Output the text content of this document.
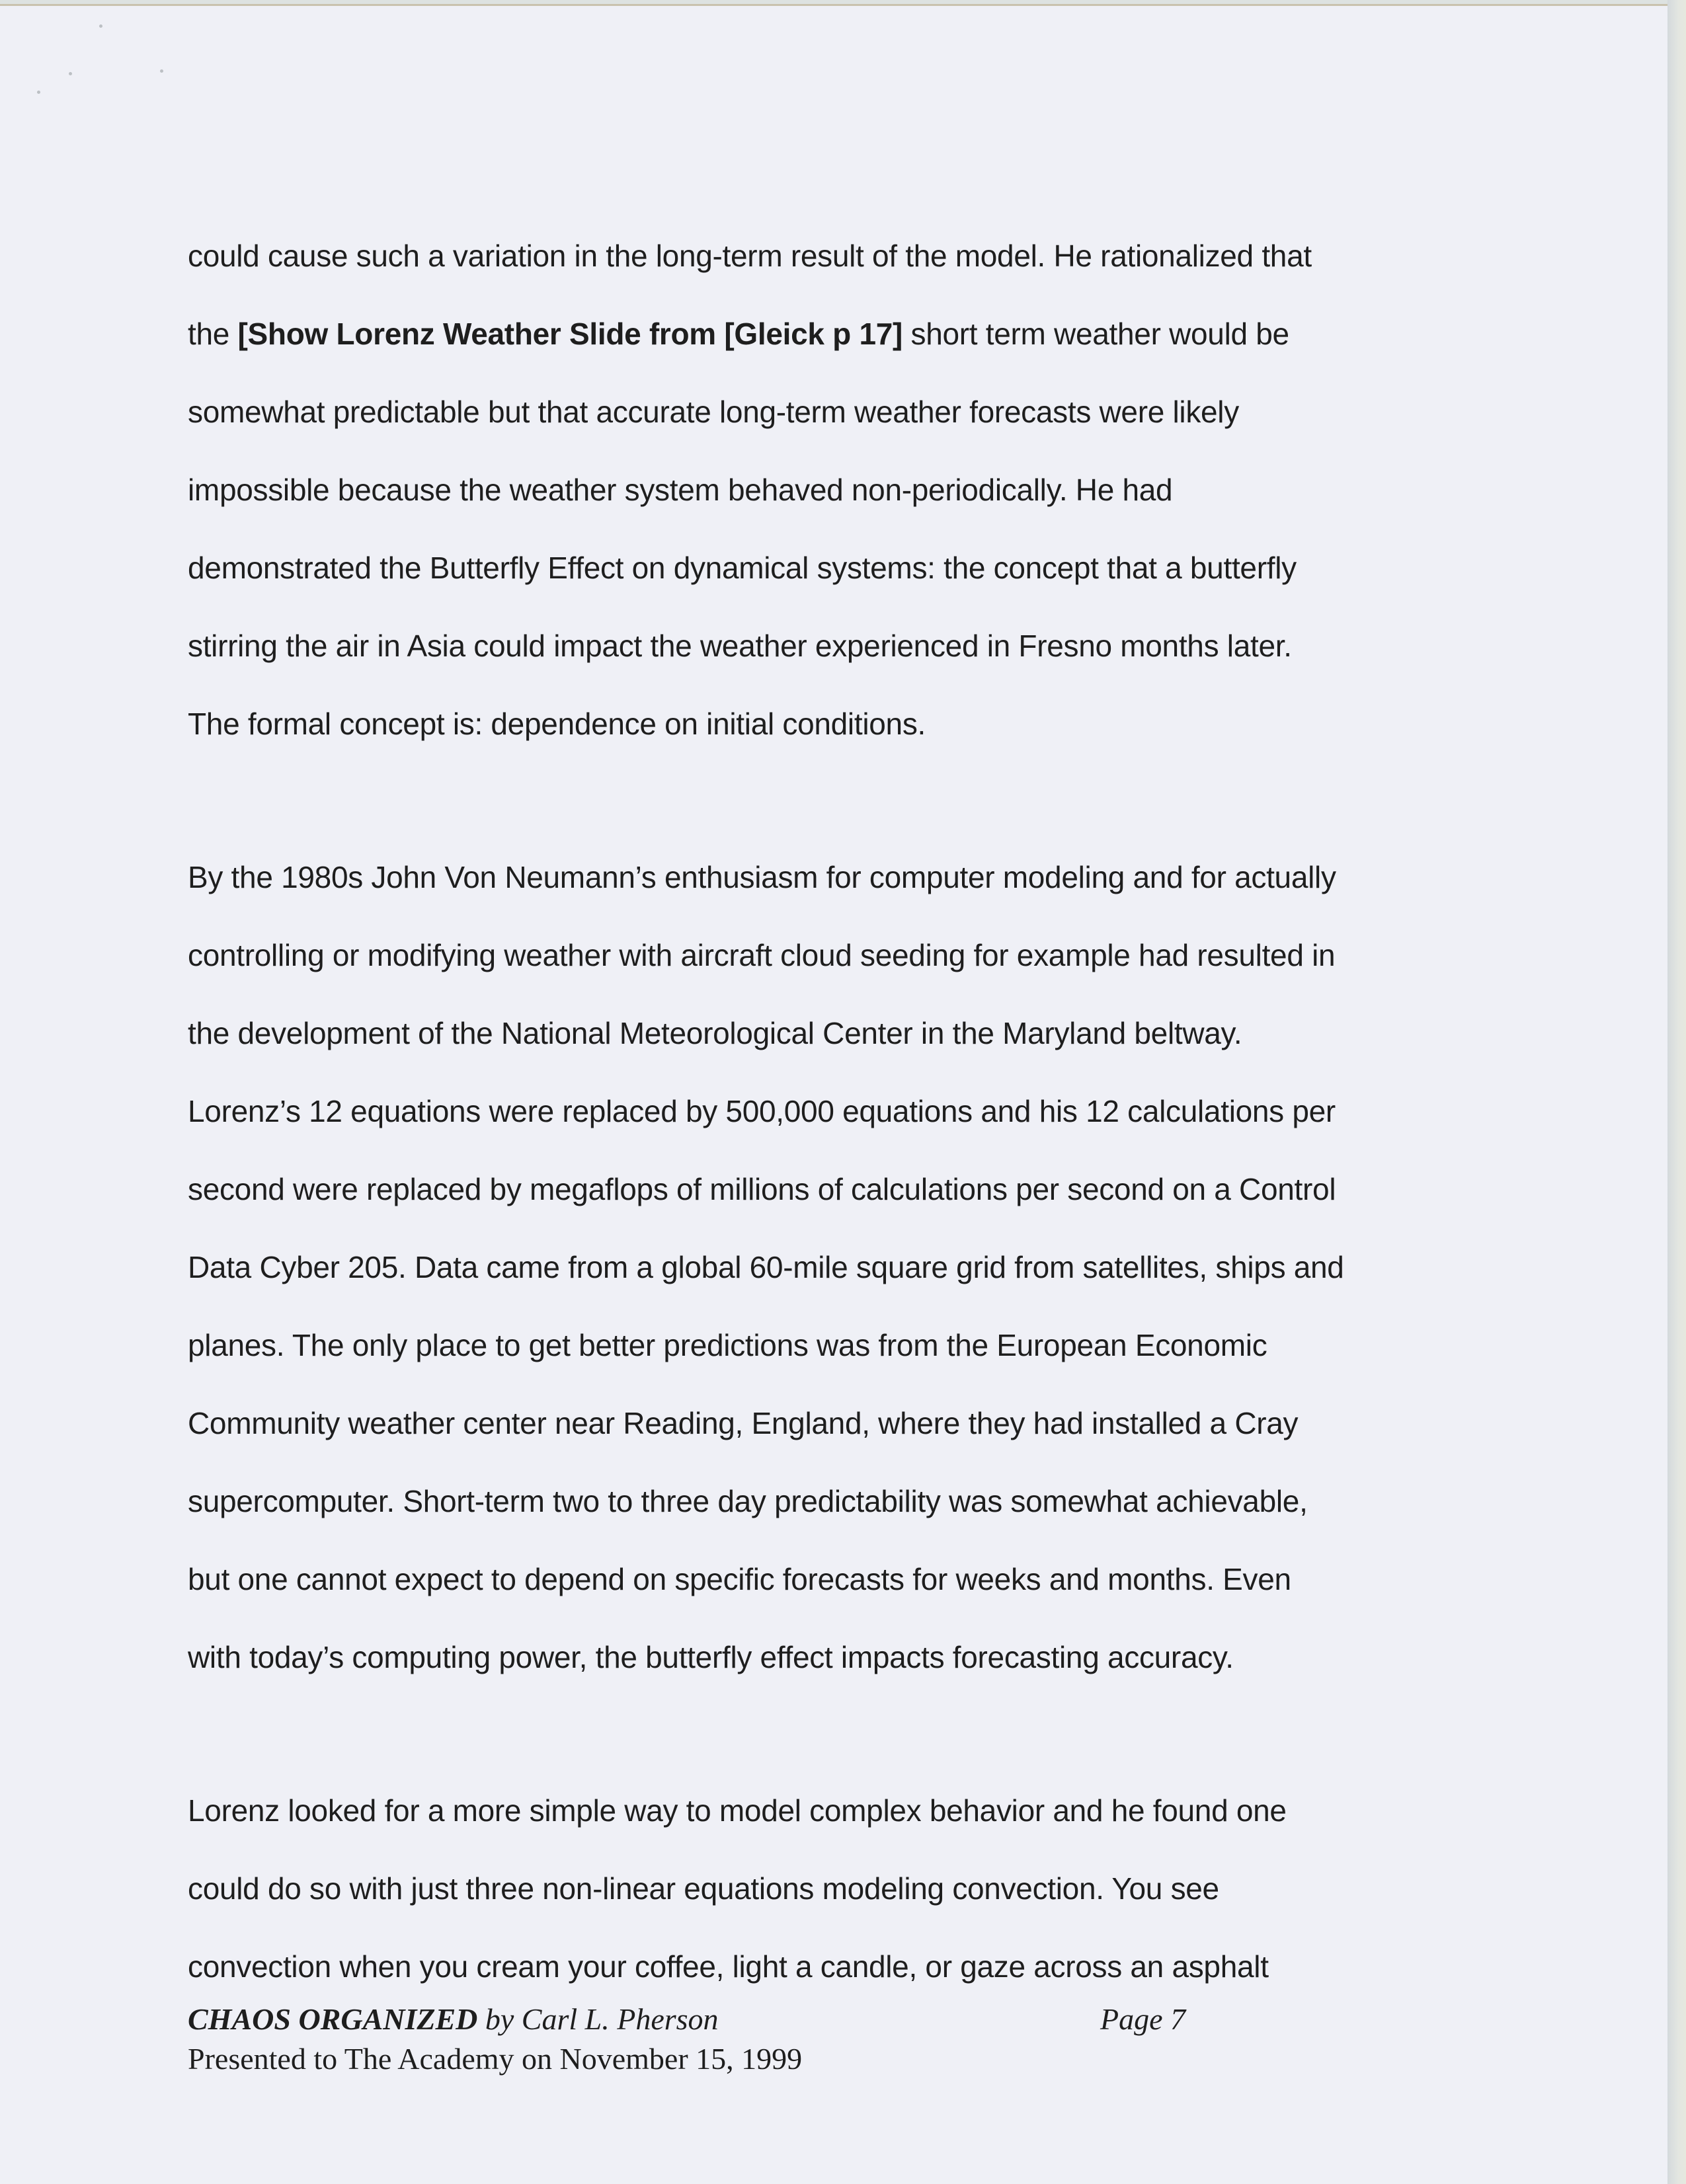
could cause such a variation in the long-term result of the model. He rationalized that
the [Show Lorenz Weather Slide from [Gleick p 17] short term weather would be
somewhat predictable but that accurate long-term weather forecasts were likely
impossible because the weather system behaved non-periodically. He had
demonstrated the Butterfly Effect on dynamical systems: the concept that a butterfly
stirring the air in Asia could impact the weather experienced in Fresno months later.
The formal concept is: dependence on initial conditions.
By the 1980s John Von Neumann’s enthusiasm for computer modeling and for actually
controlling or modifying weather with aircraft cloud seeding for example had resulted in
the development of the National Meteorological Center in the Maryland beltway.
Lorenz’s 12 equations were replaced by 500,000 equations and his 12 calculations per
second were replaced by megaflops of millions of calculations per second on a Control
Data Cyber 205. Data came from a global 60-mile square grid from satellites, ships and
planes. The only place to get better predictions was from the European Economic
Community weather center near Reading, England, where they had installed a Cray
supercomputer. Short-term two to three day predictability was somewhat achievable,
but one cannot expect to depend on specific forecasts for weeks and months. Even
with today’s computing power, the butterfly effect impacts forecasting accuracy.
Lorenz looked for a more simple way to model complex behavior and he found one
could do so with just three non-linear equations modeling convection. You see
convection when you cream your coffee, light a candle, or gaze across an asphalt
CHAOS ORGANIZED by Carl L. Pherson	Page 7
Presented to The Academy on November 15, 1999
